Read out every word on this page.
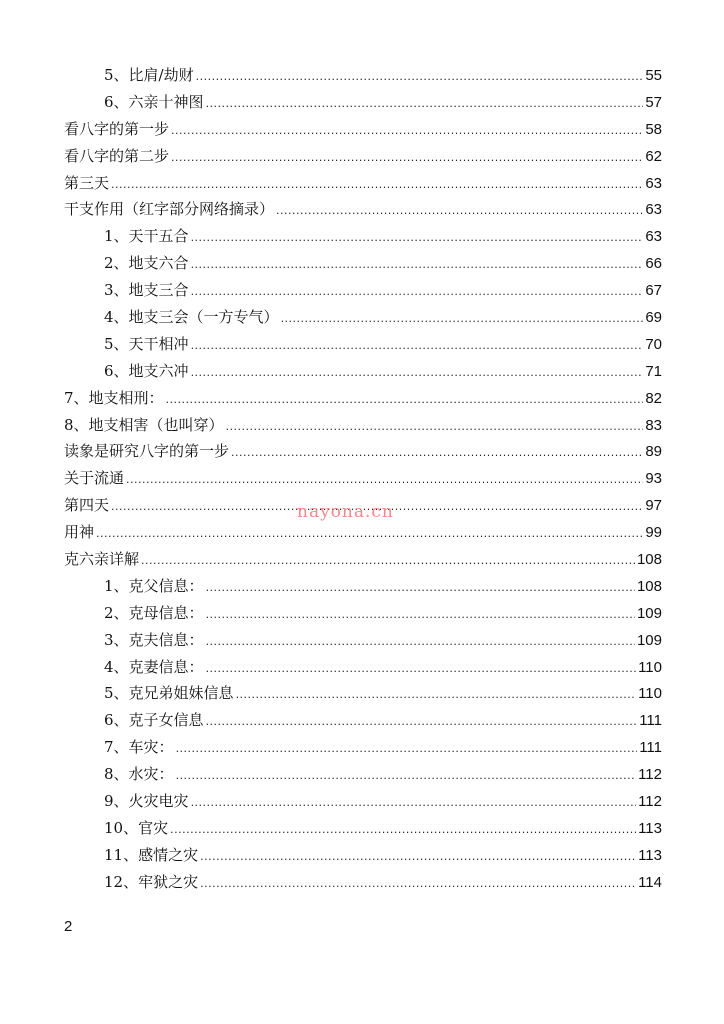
5、 比肩/劫财 .....	55
6、 六亲十神图 .....	57
看八字的第一步 .....	58
看八字的第二步 .....	62
第三天 .....	63
干支作用（红字部分网络摘录） .....	63
1、 天干五合 .....	63
2、 地支六合 .....	66
3、 地支三合 .....	67
4、 地支三会（一方专气） .....	69
5、 天干相冲 .....	70
6、 地支六冲 .....	71
7、 地支相刑： .....	82
8、 地支相害（也叫穿） .....	83
读象是研究八字的第一步 .....	89
关于流通 .....	93
第四天 .....	97
用神 .....	99
克六亲详解 .....	108
1、 克父信息： .....	108
2、 克母信息： .....	109
3、 克夫信息： .....	109
4、 克妻信息： .....	110
5、 克兄弟姐妹信息 .....	110
6、 克子女信息 .....	111
7、 车灾： .....	111
8、 水灾： .....	112
9、 火灾电灾 .....	112
10、 官灾 .....	113
11、 感情之灾 .....	113
12、 牢狱之灾 .....	114
nayona.cn
2
